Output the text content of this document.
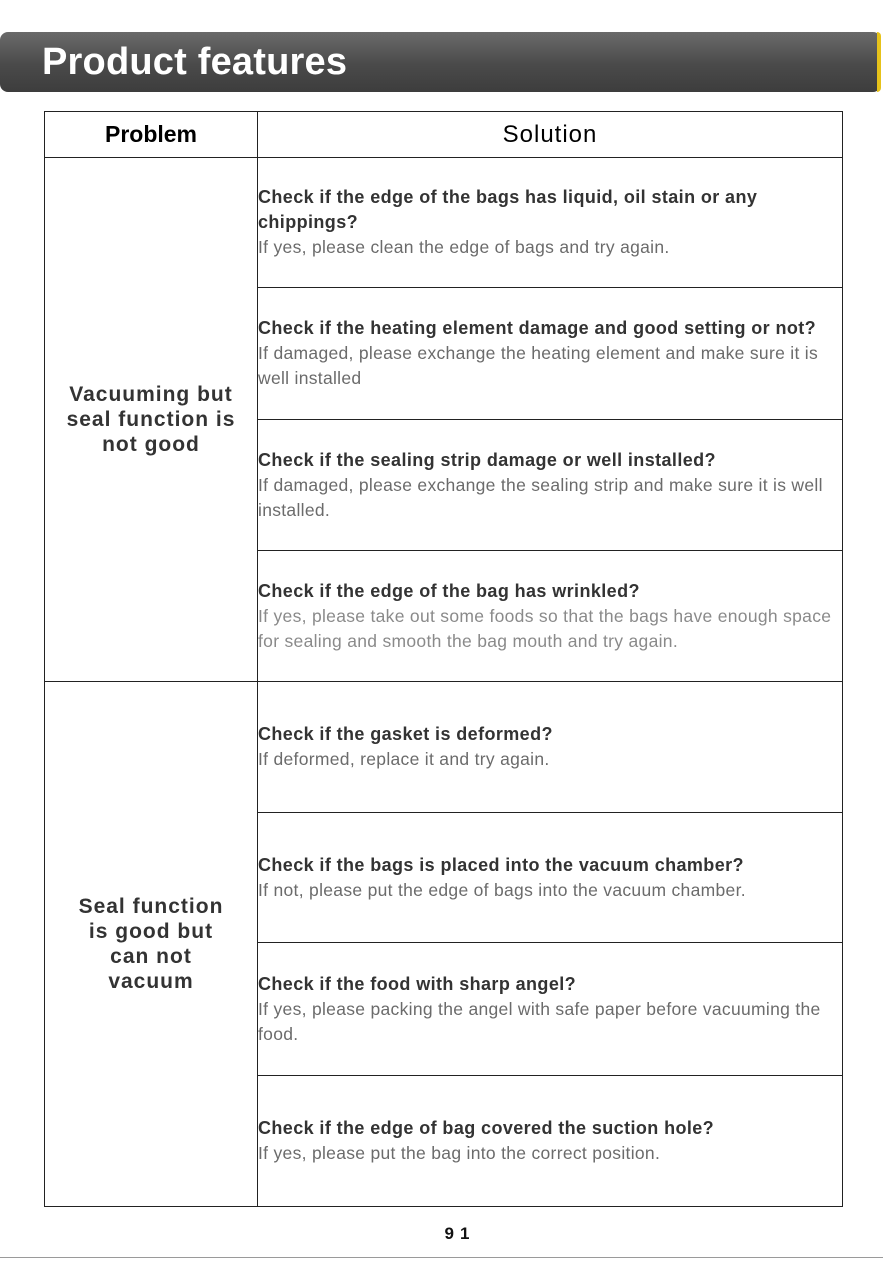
Product features
Problem	Solution
Vacuuming but seal function is not good	Check if the edge of the bags has liquid, oil stain or any chippings?
If yes, please clean the edge of bags and try again.

	Check if the heating element damage and good setting or not?
If damaged, please exchange the heating element and make sure it is well installed

	Check if the sealing strip damage or well installed?
If damaged, please exchange the sealing strip and make sure it is well installed.

	Check if the edge of the bag has wrinkled?
If yes, please take out some foods so that the bags have enough space for sealing and smooth the bag mouth and try again.

Seal function is good but can not vacuum	Check if the gasket is deformed?
If deformed, replace it and try again.

	Check if the bags is placed into the vacuum chamber?
If not, please put the edge of bags into the vacuum chamber.

	Check if the food with sharp angel?
If yes, please packing the angel with safe paper before vacuuming the food.

	Check if the edge of bag covered the suction hole?
If yes, please put the bag into the correct position.
91
